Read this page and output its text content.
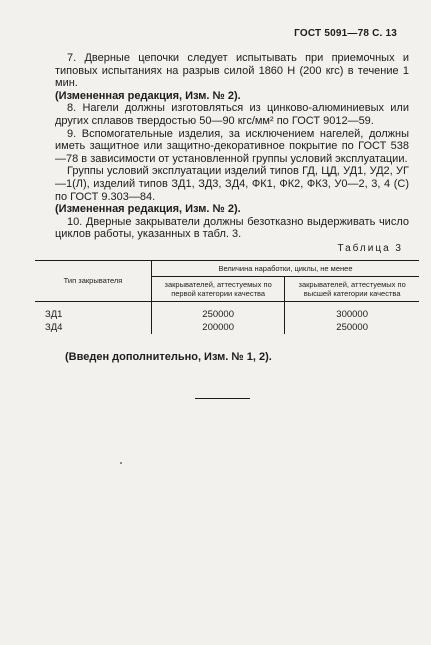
ГОСТ 5091—78 С. 13

7. Дверные цепочки следует испытывать при приемочных и типовых испытаниях на разрыв силой 1860 Н (200 кгс) в течение 1 мин.

(Измененная редакция, Изм. № 2).

8. Нагели должны изготовляться из цинково-алюминиевых или других сплавов твердостью 50—90 кгс/мм² по ГОСТ 9012—59.

9. Вспомогательные изделия, за исключением нагелей, должны иметь защитное или защитно-декоративное покрытие по ГОСТ 538—78 в зависимости от установленной группы условий эксплуатации.

Группы условий эксплуатации изделий типов ГД, ЦД, УД1, УД2, УГ—1(Л), изделий типов ЗД1, ЗД3, ЗД4, ФК1, ФК2, ФК3, У0—2, 3, 4 (С) по ГОСТ 9.303—84.

(Измененная редакция, Изм. № 2).

10. Дверные закрыватели должны безотказно выдерживать число циклов работы, указанных в табл. 3.

Таблица 3
Тип закрывателя	Величина наработки, циклы, не менее	
	закрывателей, аттестуемых по первой категории качества	закрывателей, аттестуемых по высшей категории качества
ЗД1	250000	300000
ЗД4	200000	250000

(Введен дополнительно, Изм. № 1, 2).
